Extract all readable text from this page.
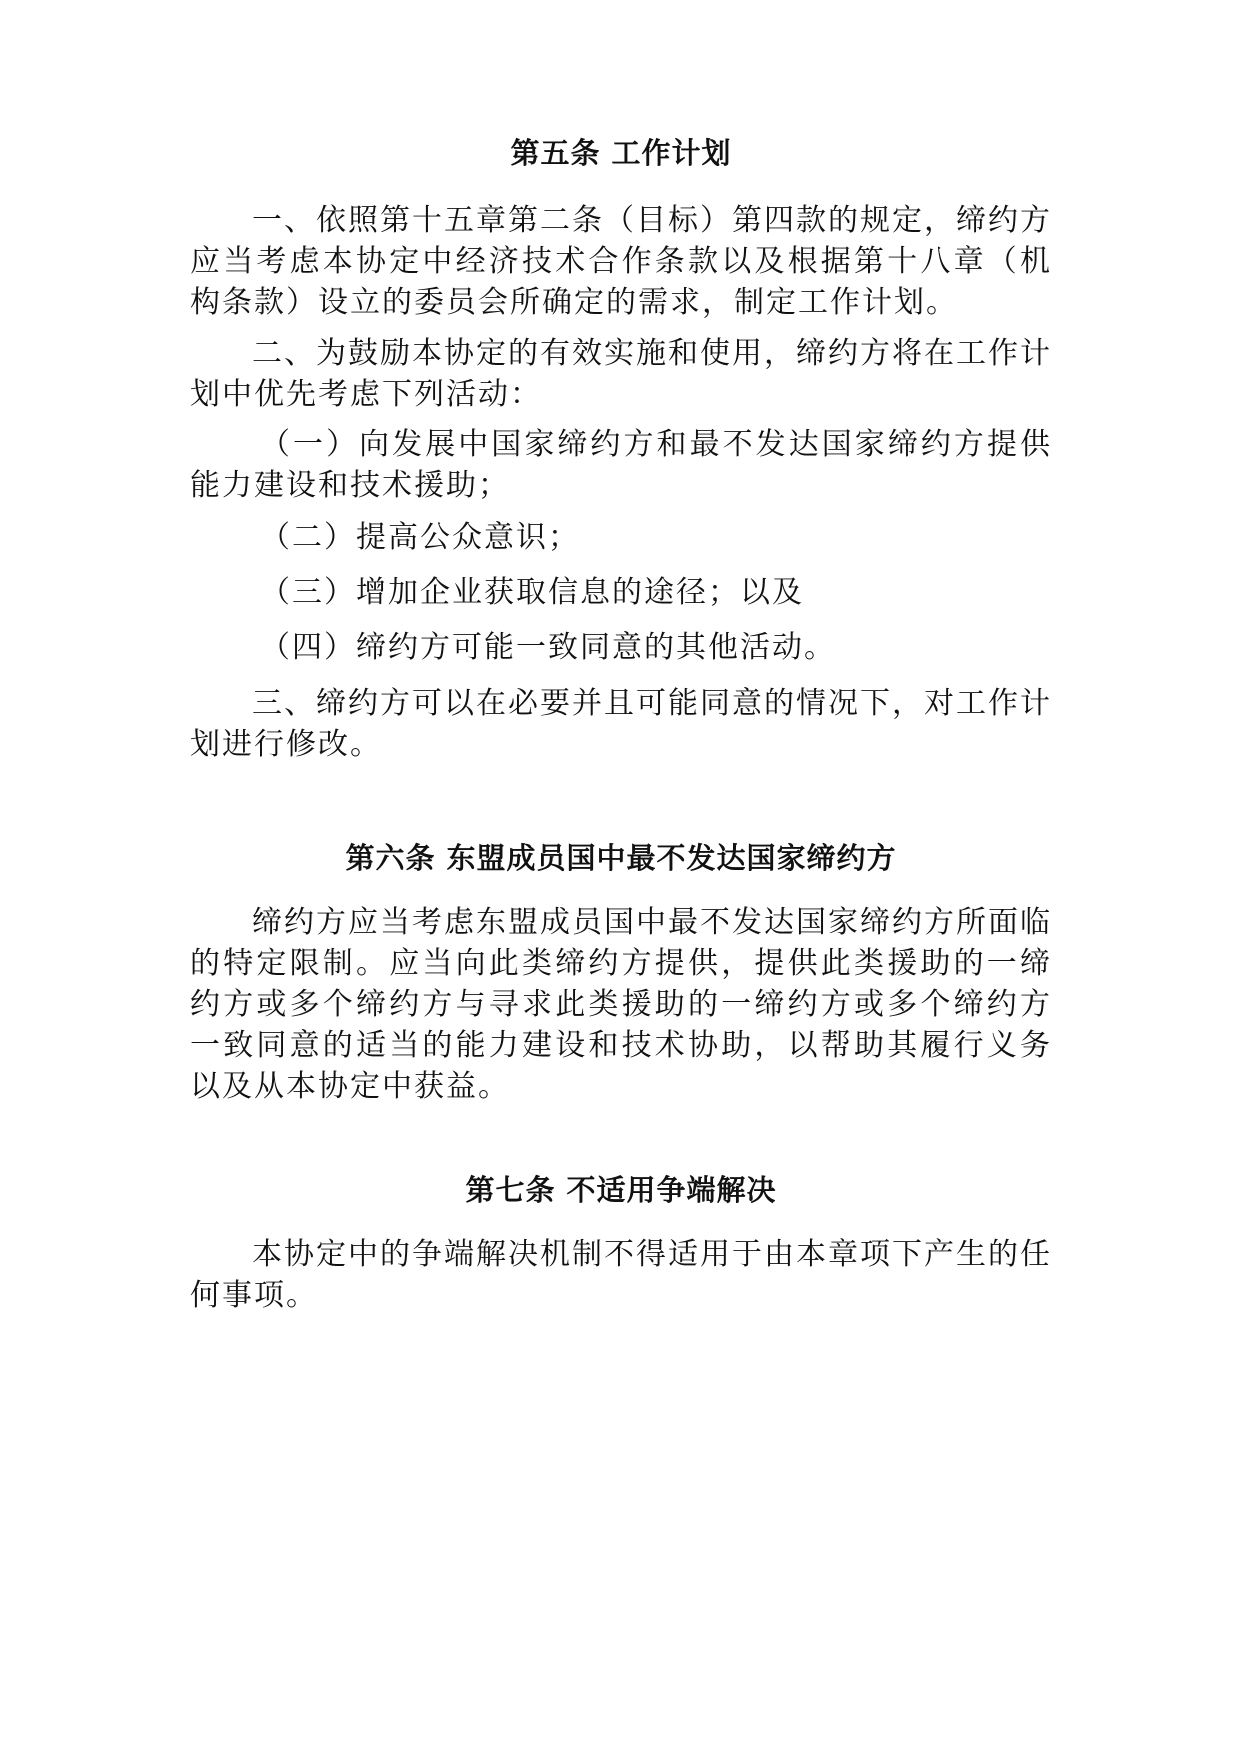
第五条 工作计划

一、依照第十五章第二条（目标）第四款的规定，缔约方应当考虑本协定中经济技术合作条款以及根据第十八章（机构条款）设立的委员会所确定的需求，制定工作计划。

二、为鼓励本协定的有效实施和使用，缔约方将在工作计划中优先考虑下列活动：

（一）向发展中国家缔约方和最不发达国家缔约方提供能力建设和技术援助；

（二）提高公众意识；

（三）增加企业获取信息的途径；以及

（四）缔约方可能一致同意的其他活动。

三、缔约方可以在必要并且可能同意的情况下，对工作计划进行修改。

第六条 东盟成员国中最不发达国家缔约方

缔约方应当考虑东盟成员国中最不发达国家缔约方所面临的特定限制。应当向此类缔约方提供，提供此类援助的一缔约方或多个缔约方与寻求此类援助的一缔约方或多个缔约方一致同意的适当的能力建设和技术协助，以帮助其履行义务以及从本协定中获益。

第七条 不适用争端解决

本协定中的争端解决机制不得适用于由本章项下产生的任何事项。
